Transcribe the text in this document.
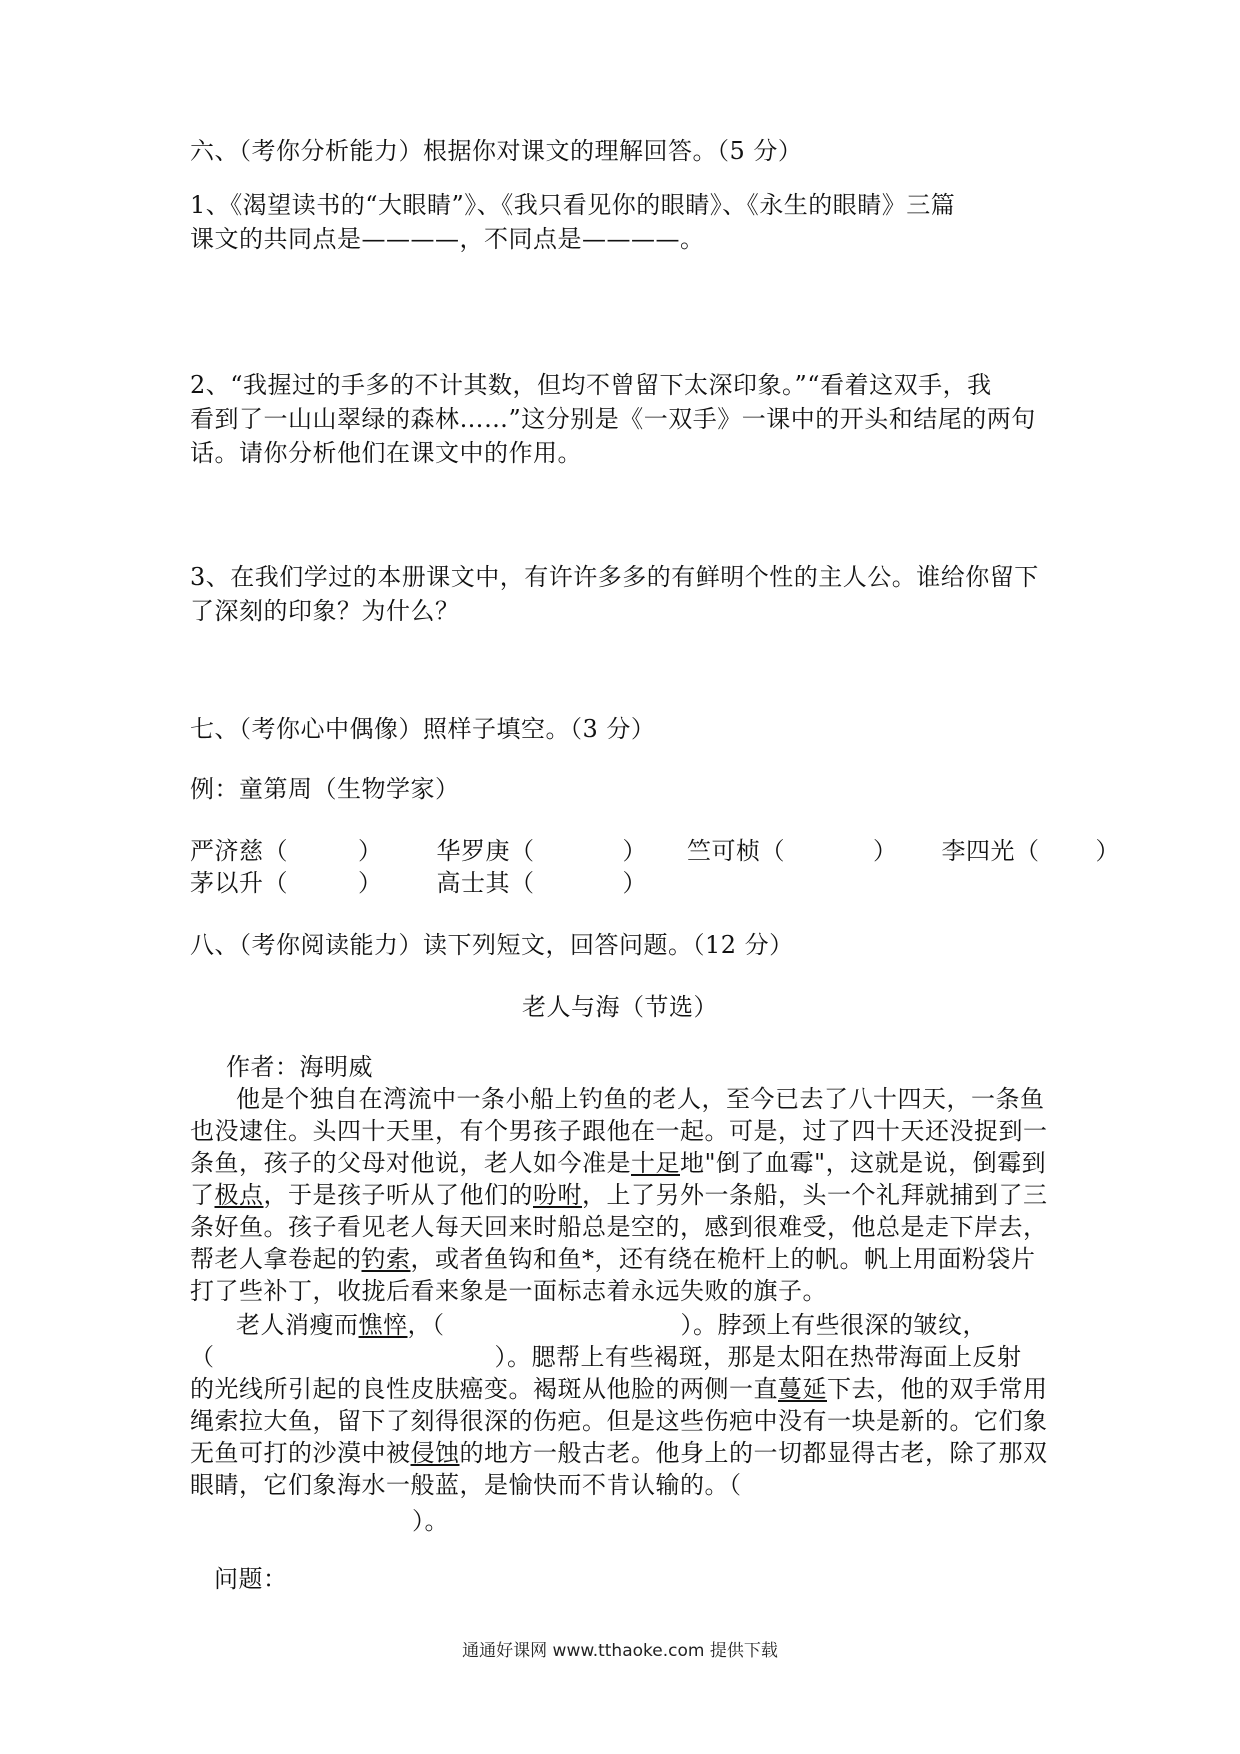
六、（考你分析能力）根据你对课文的理解回答。（5 分）
1、《渴望读书的“大眼睛”》、《我只看见你的眼睛》、《永生的眼睛》三篇
课文的共同点是————，不同点是————。
2、“我握过的手多的不计其数，但均不曾留下太深印象。”“看着这双手，我
看到了一山山翠绿的森林……”这分别是《一双手》一课中的开头和结尾的两句
话。请你分析他们在课文中的作用。
3、在我们学过的本册课文中，有许许多多的有鲜明个性的主人公。谁给你留下
了深刻的印象？为什么？
七、（考你心中偶像）照样子填空。（3 分）
例：童第周（生物学家）
严济慈（	） 华罗庚（	） 竺可桢（	） 李四光（ ）
茅以升（	） 高士其（	）
八、（考你阅读能力）读下列短文，回答问题。（12 分）
老人与海（节选）
作者：海明威
他是个独自在湾流中一条小船上钓鱼的老人，至今已去了八十四天，一条鱼
也没逮住。头四十天里，有个男孩子跟他在一起。可是，过了四十天还没捉到一
条鱼，孩子的父母对他说，老人如今准是十足地"倒了血霉"，这就是说，倒霉到
了极点，于是孩子听从了他们的吩咐，上了另外一条船，头一个礼拜就捕到了三
条好鱼。孩子看见老人每天回来时船总是空的，感到很难受，他总是走下岸去，
帮老人拿卷起的钓索，或者鱼钩和鱼*，还有绕在桅杆上的帆。帆上用面粉袋片
打了些补丁，收拢后看来象是一面标志着永远失败的旗子。
老人消瘦而憔悴，（	）。脖颈上有些很深的皱纹，
（	）。腮帮上有些褐斑，那是太阳在热带海面上反射
的光线所引起的良性皮肤癌变。褐斑从他脸的两侧一直蔓延下去，他的双手常用
绳索拉大鱼，留下了刻得很深的伤疤。但是这些伤疤中没有一块是新的。它们象
无鱼可打的沙漠中被侵蚀的地方一般古老。他身上的一切都显得古老，除了那双
眼睛，它们象海水一般蓝，是愉快而不肯认输的。（
）。
问题：
通通好课网 www.tthaoke.com 提供下载
